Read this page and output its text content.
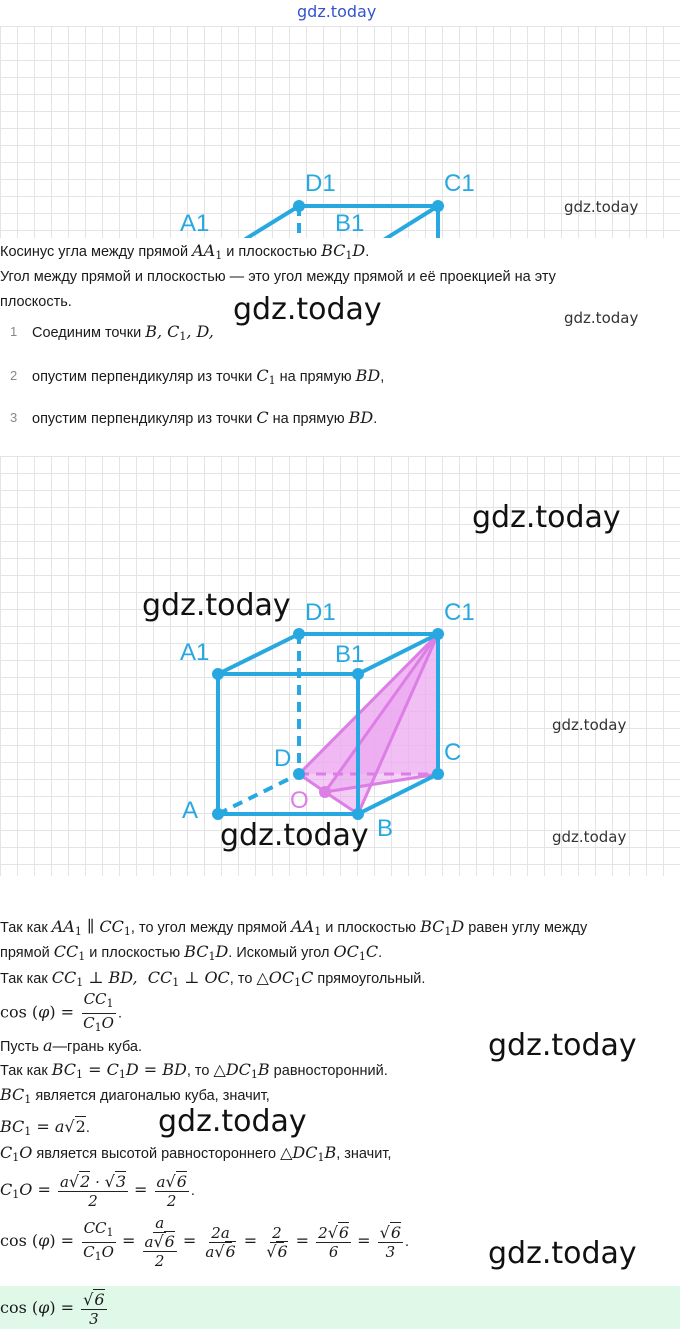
gdz.today
A1
D1
B1
C1
gdz.today
Косинус угла между прямой $AA_1$ и плоскостью $BC_1D$.
Угол между прямой и плоскостью — это угол между прямой и её проекцией на эту
плоскость.	gdz.today	gdz.today
1 Соединим точки B, $C_1$, D,
2 опустим перпендикуляр из точки $C_1$ на прямую BD,
3 опустим перпендикуляр из точки C на прямую BD.
A1
D1
B1
C1
D	C
A
B
O
gdz.today
gdz.today
gdz.today
gdz.today	gdz.today
Так как $AA_1$ ∥ $CC_1$, то угол между прямой $AA_1$ и плоскостью $BC_1D$ равен углу между
прямой $CC_1$ и плоскостью $BC_1D$. Искомый угол $OC_1C$.
Так как $CC_1$ ⊥ BD,  $CC_1$ ⊥ OC, то $\triangle OC_1C$ прямоугольный.
$\cos (\varphi) = \frac{CC_1}{C_1O}$ .
Пусть a—грань куба.	gdz.today
Так как $BC_1 = C_1D$ = BD, то $\triangle DC_1B$ равносторонний.
$BC_1$ является диагональю куба, значит,
$BC_1 = a√2$. gdz.today
$C_1O$ является высотой равностороннего $\triangle DC_1B$, значит,
$C_1O = \frac{a√2 \cdot √3}{2} = \frac{a√6}{2}$ .
$\cos (\varphi) = \frac{CC_1}{C_1O}$ =
a
a√6
2
= $\frac{2a}{a√6} = \frac{2}{√6} = \frac{2√6}{6} = \frac{√6}{3}$ .	gdz.today
$\cos (\varphi) = \frac{√6}{3}$
